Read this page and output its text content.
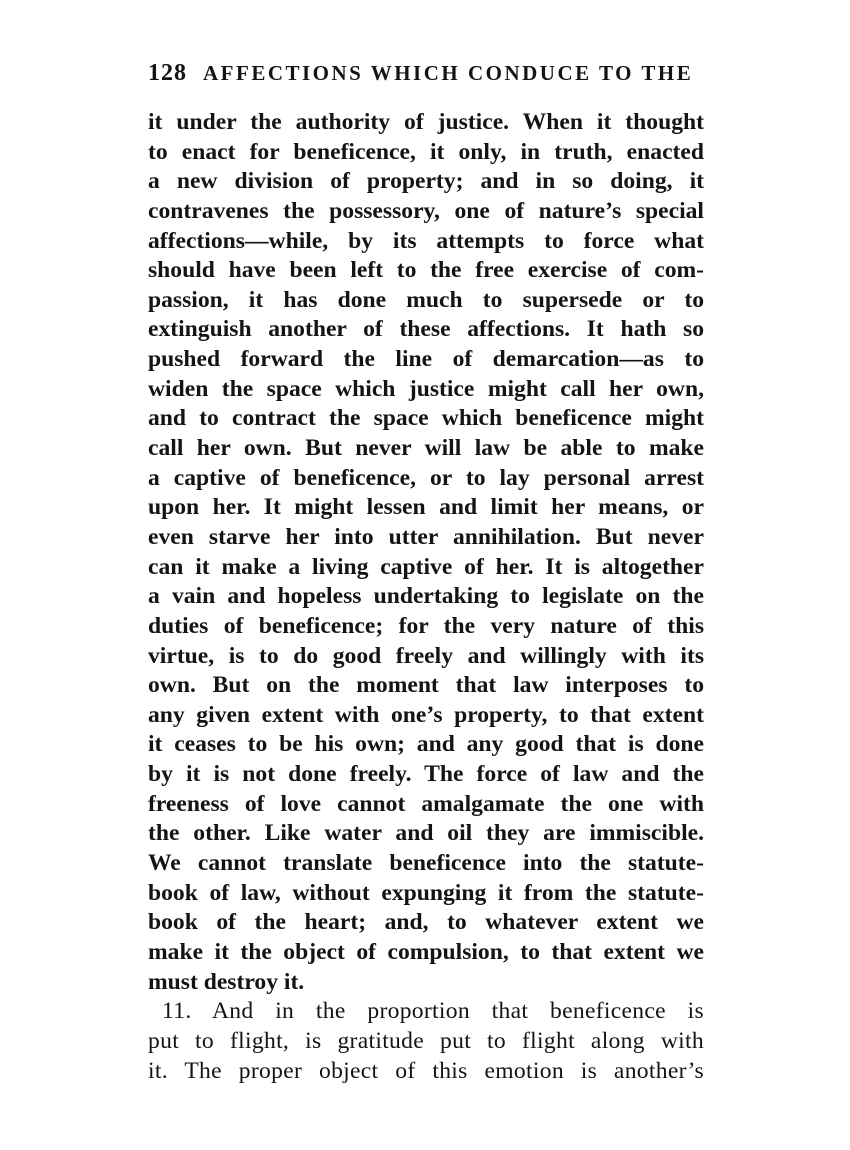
128 AFFECTIONS WHICH CONDUCE TO THE
it under the authority of justice. When it thought
to enact for beneficence, it only, in truth, enacted
a new division of property; and in so doing, it
contravenes the possessory, one of nature’s special
affections—while, by its attempts to force what
should have been left to the free exercise of com-
passion, it has done much to supersede or to
extinguish another of these affections. It hath so
pushed forward the line of demarcation—as to
widen the space which justice might call her own,
and to contract the space which beneficence might
call her own. But never will law be able to make
a captive of beneficence, or to lay personal arrest
upon her. It might lessen and limit her means, or
even starve her into utter annihilation. But never
can it make a living captive of her. It is altogether
a vain and hopeless undertaking to legislate on the
duties of beneficence; for the very nature of this
virtue, is to do good freely and willingly with its
own. But on the moment that law interposes to
any given extent with one’s property, to that extent
it ceases to be his own; and any good that is done
by it is not done freely. The force of law and the
freeness of love cannot amalgamate the one with
the other. Like water and oil they are immiscible.
We cannot translate beneficence into the statute-
book of law, without expunging it from the statute-
book of the heart; and, to whatever extent we
make it the object of compulsion, to that extent we
must destroy it.
11. And in the proportion that beneficence is
put to flight, is gratitude put to flight along with
it. The proper object of this emotion is another’s
